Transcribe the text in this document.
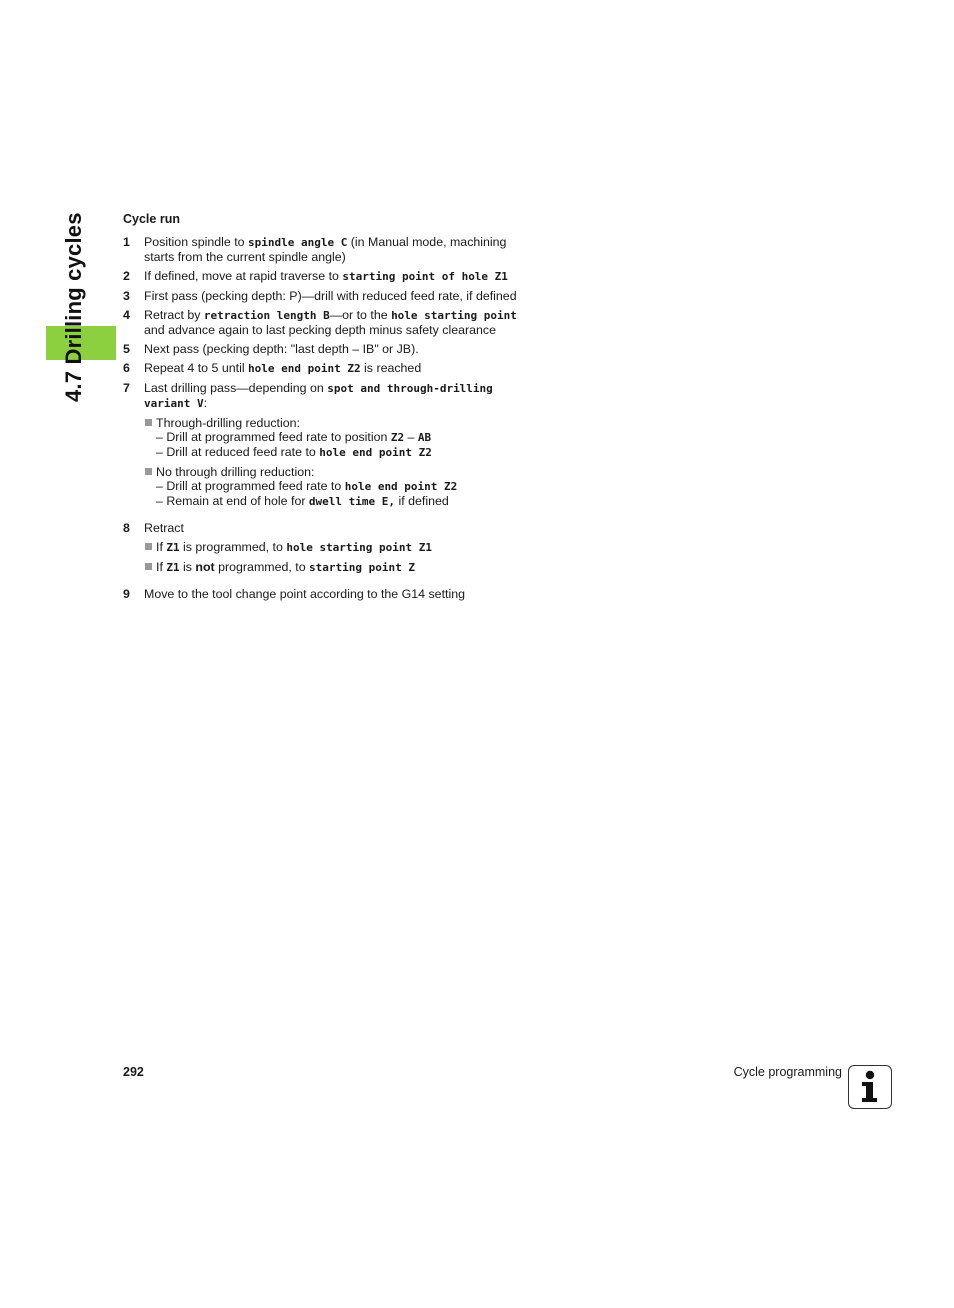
4.7 Drilling cycles	Cycle run
1 Position spindle to spindle angle C (in Manual mode, machining starts from the current spindle angle)
2 If defined, move at rapid traverse to starting point of hole Z1
3 First pass (pecking depth: P)—drill with reduced feed rate, if defined
4 Retract by retraction length B—or to the hole starting point and advance again to last pecking depth minus safety clearance
5 Next pass (pecking depth: "last depth – IB" or JB).
6 Repeat 4 to 5 until hole end point Z2 is reached
7 Last drilling pass—depending on spot and through-drilling variant V:
Through-drilling reduction:
– Drill at programmed feed rate to position Z2 – AB
– Drill at reduced feed rate to hole end point Z2
No through drilling reduction:
– Drill at programmed feed rate to hole end point Z2
– Remain at end of hole for dwell time E, if defined
8 Retract
If Z1 is programmed, to hole starting point Z1
If Z1 is not programmed, to starting point Z
9 Move to the tool change point according to the G14 setting
292	Cycle programming
